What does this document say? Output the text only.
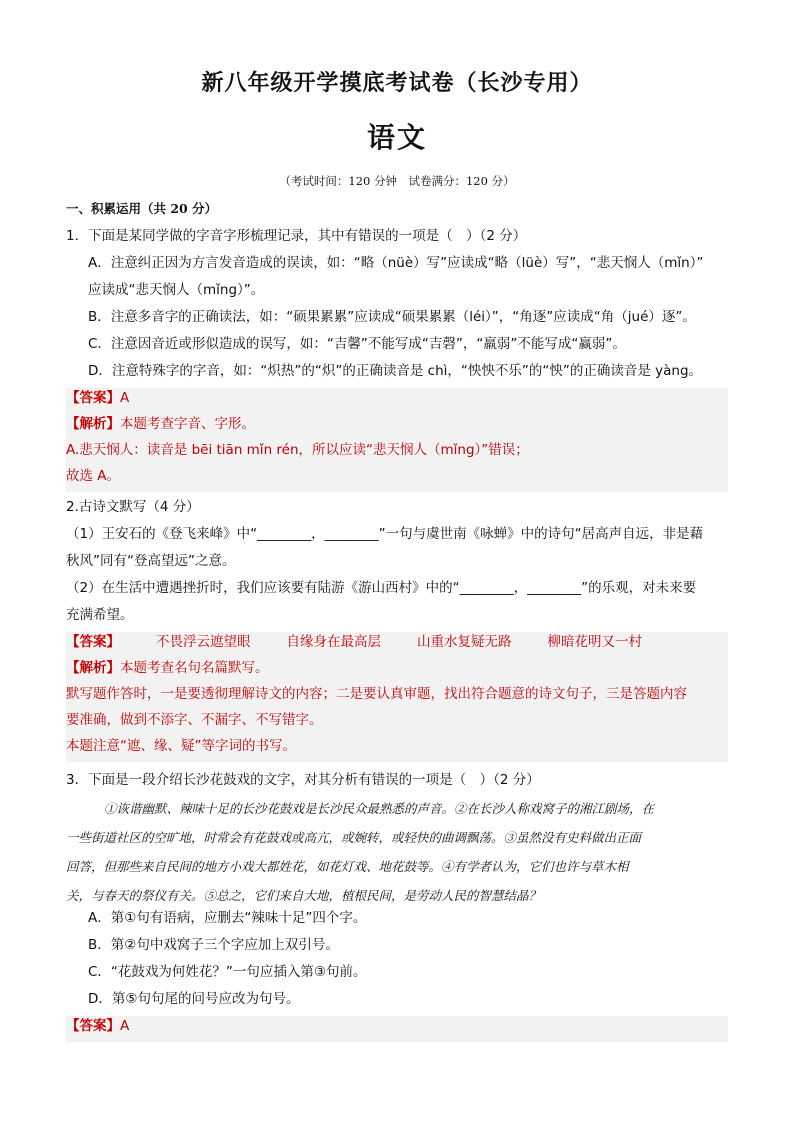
新八年级开学摸底考试卷（长沙专用）
语文
（考试时间：120 分钟　试卷满分：120 分）
一、积累运用（共 20 分）
1．下面是某同学做的字音字形梳理记录，其中有错误的一项是（　）（2 分）
A．注意纠正因为方言发音造成的误读，如：“略（nüè）写”应读成“略（lüè）写”，“悲天悯人（mǐn）”
应读成“悲天悯人（mǐng）”。
B．注意多音字的正确读法，如：“硕果累累”应读成“硕果累累（léi）”，“角逐”应读成“角（jué）逐”。
C．注意因音近或形似造成的误写，如：“吉馨”不能写成“吉磬”，“羸弱”不能写成“赢弱”。
D．注意特殊字的字音，如：“炽热”的“炽”的正确读音是 chì，“怏怏不乐”的“怏”的正确读音是 yàng。
【答案】A
【解析】本题考查字音、字形。
A.悲天悯人：读音是 bēi tiān mǐn rén，所以应读“悲天悯人（mǐng）”错误；
故选 A。
2.古诗文默写（4 分）
（1）王安石的《登飞来峰》中“________，________”一句与虞世南《咏蝉》中的诗句“居高声自远，非是藉
秋风”同有“登高望远”之意。
（2）在生活中遭遇挫折时，我们应该要有陆游《游山西村》中的“________，________”的乐观，对未来要
充满希望。
【答案】	不畏浮云遮望眼	自缘身在最高层	山重水复疑无路	柳暗花明又一村
【解析】本题考查名句名篇默写。
默写题作答时，一是要透彻理解诗文的内容；二是要认真审题，找出符合题意的诗文句子，三是答题内容
要准确，做到不添字、不漏字、不写错字。
本题注意“遮、缘、疑”等字词的书写。
3．下面是一段介绍长沙花鼓戏的文字，对其分析有错误的一项是（　）（2 分）
①诙谐幽默、辣味十足的长沙花鼓戏是长沙民众最熟悉的声音。②在长沙人称戏窝子的湘江剧场，在
一些街道社区的空旷地，时常会有花鼓戏或高亢，或婉转，或轻快的曲调飘荡。③虽然没有史料做出正面
回答，但那些来自民间的地方小戏大都姓花，如花灯戏、地花鼓等。④有学者认为，它们也许与草木相
关，与春天的祭仪有关。⑤总之，它们来自大地，植根民间，是劳动人民的智慧结晶？
A．第①句有语病，应删去“辣味十足”四个字。
B．第②句中戏窝子三个字应加上双引号。
C．“花鼓戏为何姓花？”一句应插入第③句前。
D．第⑤句句尾的问号应改为句号。
【答案】A
